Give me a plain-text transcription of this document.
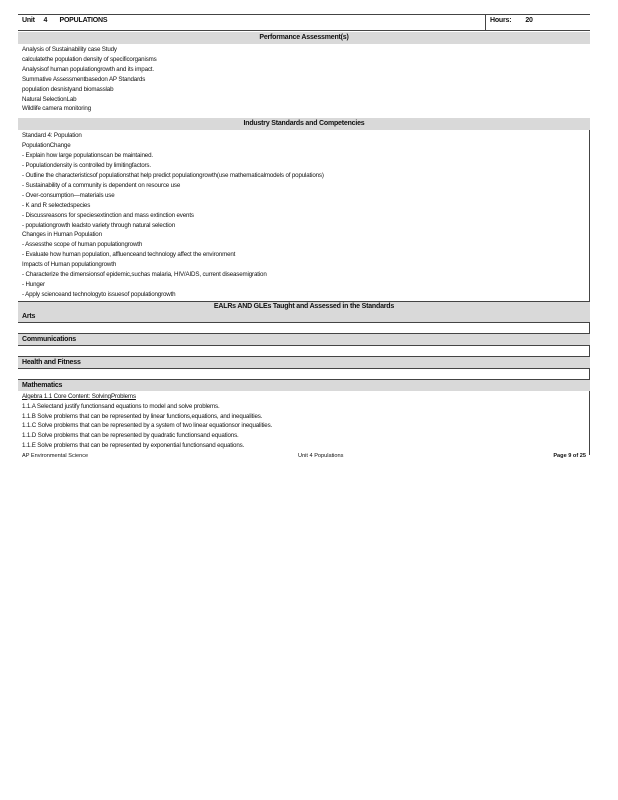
Unit 4 POPULATIONS	Hours: 20
Performance Assessment(s)
Analysis of Sustainability case Study
calculatethe population density of specificorganisms
Analysisof human populationgrowth and its impact.
Summative Assessmentbasedon AP Standards
population desnistyand biomasslab
Natural SelectionLab
Wildlife camera monitoring
Industry Standards and Competencies
Standard 4: Population
PopulationChange
- Explain how large populationscan be maintained.
- Populationdensity is controlled by limitingfactors.
- Outline the characteristicsof populationsthat help predict populationgrowth(use mathematicalmodels of populations)
- Sustainability of a community is dependent on resource use
- Over-consumption—materials use
- K and R selectedspecies
- Discussreasons for speciesextinction and mass extinction events
- populationgrowth leadsto variety through natural selection
Changes in Human Population
- Assessthe scope of human populationgrowth
- Evaluate how human population, affluenceand technology affect the environment
Impacts of Human populationgrowth
- Characterize the dimensionsof epidemic,suchas malaria, HIV/AIDS, current diseasemigration
- Hunger
- Apply scienceand technologyto issuesof populationgrowth
EALRs AND GLEs Taught and Assessed in the Standards
Arts
Communications
Health and Fitness
Mathematics
Algebra 1.1 Core Content: SolvingProblems
1.1.A Selectand justify functionsand equations to model and solve problems.
1.1.B Solve problems that can be represented by linear functions,equations, and inequalities.
1.1.C Solve problems that can be represented by a system of two linear equationsor inequalities.
1.1.D Solve problems that can be represented by quadratic functionsand equations.
1.1.E Solve problems that can be represented by exponential functionsand equations.
AP Environmental Science	Unit 4 Populations	Page 9 of 25
